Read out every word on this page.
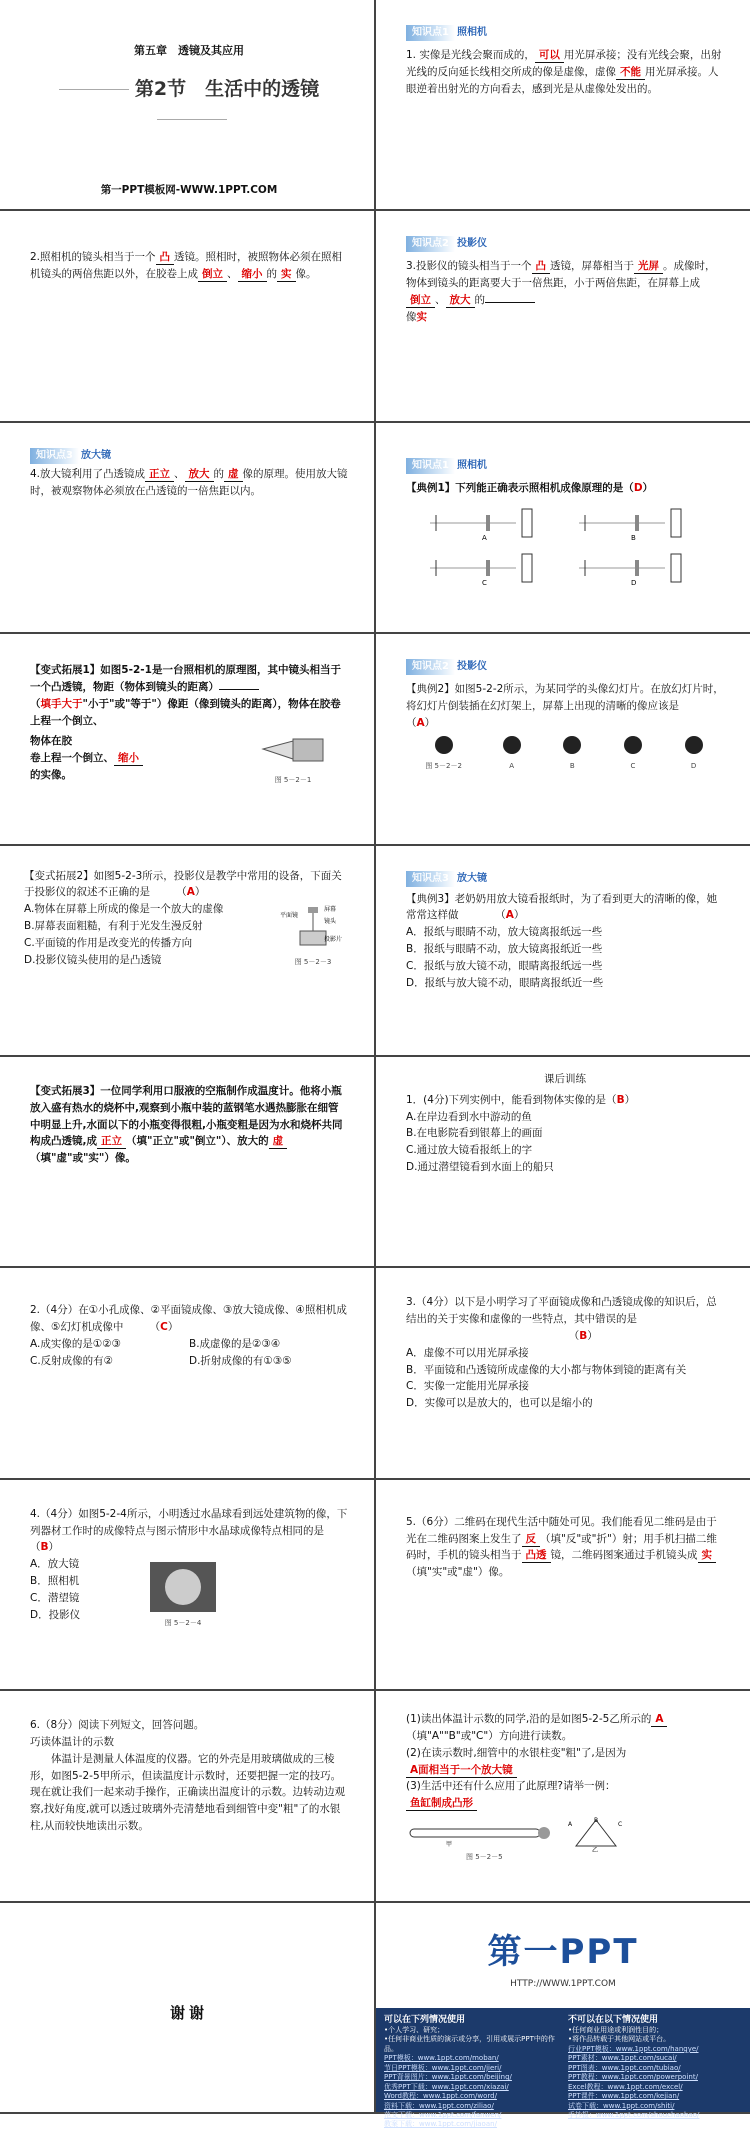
第五章　透镜及其应用
第2节　生活中的透镜
第一PPT模板网-WWW.1PPT.COM
知识点1 照相机

1. 实像是光线会聚而成的， 可以 用光屏承接；没有光线会聚，出射光线的反向延长线相交所成的像是虚像，虚像 不能 用光屏承接。人眼逆着出射光的方向看去，感到光是从虚像处发出的。

2.照相机的镜头相当于一个 凸 透镜。照相时，被照物体必须在照相机镜头的两倍焦距以外，在胶卷上成 倒立 、 缩小 的 实 像。

知识点2 投影仪

3.投影仪的镜头相当于一个 凸 透镜，屏幕相当于 光屏 。成像时，物体到镜头的距离要大于一倍焦距，小于两倍焦距，在屏幕上成倒立 、 放大 的
像实

知识点3 放大镜

4.放大镜利用了凸透镜成 正立 、 放大 的 虚 像的原理。使用放大镜时，被观察物体必须放在凸透镜的一倍焦距以内。

知识点1 照相机

【典例1】下列能正确表示照相机成像原理的是（D）

A	B
C	D

【变式拓展1】如图5-2-1是一台照相机的原理图，其中镜头相当于一个凸透镜，物距（物体到镜头的距离）
（填手大于"小于"或"等于"）像距（像到镜头的距离），物体在胶卷上程一个倒立、

物体在胶
卷上程一个倒立、 缩小
的实像。	图 5－2－1
知识点2 投影仪

【典例2】如图5-2-2所示，为某同学的头像幻灯片。在放幻灯片时，将幻灯片倒装插在幻灯架上，屏幕上出现的清晰的像应该是　　　（A）

图 5－2－2	A	B	C	D

【变式拓展2】如图5-2-3所示，投影仪是教学中常用的设备，下面关于投影仪的叙述不正确的是　　　	（A）

A.物体在屏幕上所成的像是一个放大的虚像
B.屏幕表面粗糙，有利于光发生漫反射
C.平面镜的作用是改变光的传播方向
D.投影仪镜头使用的是凸透镜
平面镜
屏幕
镜头
投影片
图 5－2－3
知识点3 放大镜

【典例3】老奶奶用放大镜看报纸时，为了看到更大的清晰的像，她常常这样做　　　　	（A）

A．报纸与眼睛不动，放大镜离报纸远一些
B．报纸与眼睛不动，放大镜离报纸近一些
C．报纸与放大镜不动，眼睛离报纸远一些
D．报纸与放大镜不动，眼睛离报纸近一些

【变式拓展3】一位同学利用口服液的空瓶制作成温度计。他将小瓶放入盛有热水的烧杯中,观察到小瓶中装的蓝钢笔水遇热膨胀在细管中明显上升,水面以下的小瓶变得很粗,小瓶变粗是因为水和烧杯共同构成凸透镜,成 正立 （填"正立"或"倒立"）、放大的 虚（填"虚"或"实"）像。

课后训练

1．(4分)下列实例中，能看到物体实像的是（B）

A.在岸边看到水中游动的鱼
B.在电影院看到银幕上的画面
C.通过放大镜看报纸上的字
D.通过潜望镜看到水面上的船只

2.（4分）在①小孔成像、②平面镜成像、③放大镜成像、④照相机成像、⑤幻灯机成像中　　　	（C）

A.成实像的是①②③	B.成虚像的是②③④
C.反射成像的有②	D.折射成像的有①③⑤

3.（4分）以下是小明学习了平面镜成像和凸透镜成像的知识后，总结出的关于实像和虚像的一些特点，其中错误的是
　　　　　　　　　　　　　　　　（B）

A．虚像不可以用光屏承接
B．平面镜和凸透镜所成虚像的大小都与物体到镜的距离有关
C．实像一定能用光屏承接
D．实像可以是放大的，也可以是缩小的

4.（4分）如图5-2-4所示，小明透过水晶球看到远处建筑物的像，下列器材工作时的成像特点与图示情形中水晶球成像特点相同的是　　　　　　　　　　　（B）

A．放大镜
B．照相机
C．潜望镜
D．投影仪
图 5－2－4

5.（6分）二维码在现代生活中随处可见。我们能看见二维码是由于光在二维码图案上发生了 反 （填"反"或"折"）射；用手机扫描二维码时，手机的镜头相当于 凸透 镜，二维码图案通过手机镜头成 实（填"实"或"虚"）像。

6.（8分）阅读下列短文，回答问题。

巧读体温计的示数
体温计是测量人体温度的仪器。它的外壳是用玻璃做成的三棱形，如图5-2-5甲所示，但读温度计示数时，还要把握一定的技巧。现在就让我们一起来动手操作，正确读出温度计的示数。边转动边观察,找好角度,就可以透过玻璃外壳清楚地看到细管中变"粗"了的水银柱,从而较快地读出示数。
(1)读出体温计示数的同学,沿的是如图5-2-5乙所示的 A（填"A""B"或"C"）方向进行读数。
(2)在读示数时,细管中的水银柱变"粗"了,是因为
A面相当于一个放大镜
(3)生活中还有什么应用了此原理?请举一例：
鱼缸制成凸形
甲
A
B
C
乙
图 5－2－5
谢谢
第一PPT
HTTP://WWW.1PPT.COM
可以在下列情况使用
•个人学习、研究；
•任何非商业性质的演示或分享，引用或展示PPT中的作品。
PPT模板：www.1ppt.com/moban/
节日PPT模板：www.1ppt.com/jieri/
PPT背景图片：www.1ppt.com/beijing/
优秀PPT下载：www.1ppt.com/xiazai/
Word教程：www.1ppt.com/word/
资料下载：www.1ppt.com/ziliao/
范文下载：www.1ppt.com/fanwen/
教案下载：www.1ppt.com/jiaoan/
不可以在以下情况使用
•任何商业用途或利润性目的；
•将作品转载于其他网站或平台。
行业PPT模板：www.1ppt.com/hangye/
PPT素材：www.1ppt.com/sucai/
PPT图表：www.1ppt.com/tubiao/
PPT教程：www.1ppt.com/powerpoint/
Excel教程：www.1ppt.com/excel/
PPT课件：www.1ppt.com/kejian/
试卷下载：www.1ppt.com/shiti/
手抄报：www.1ppt.com/shouchaobao/
